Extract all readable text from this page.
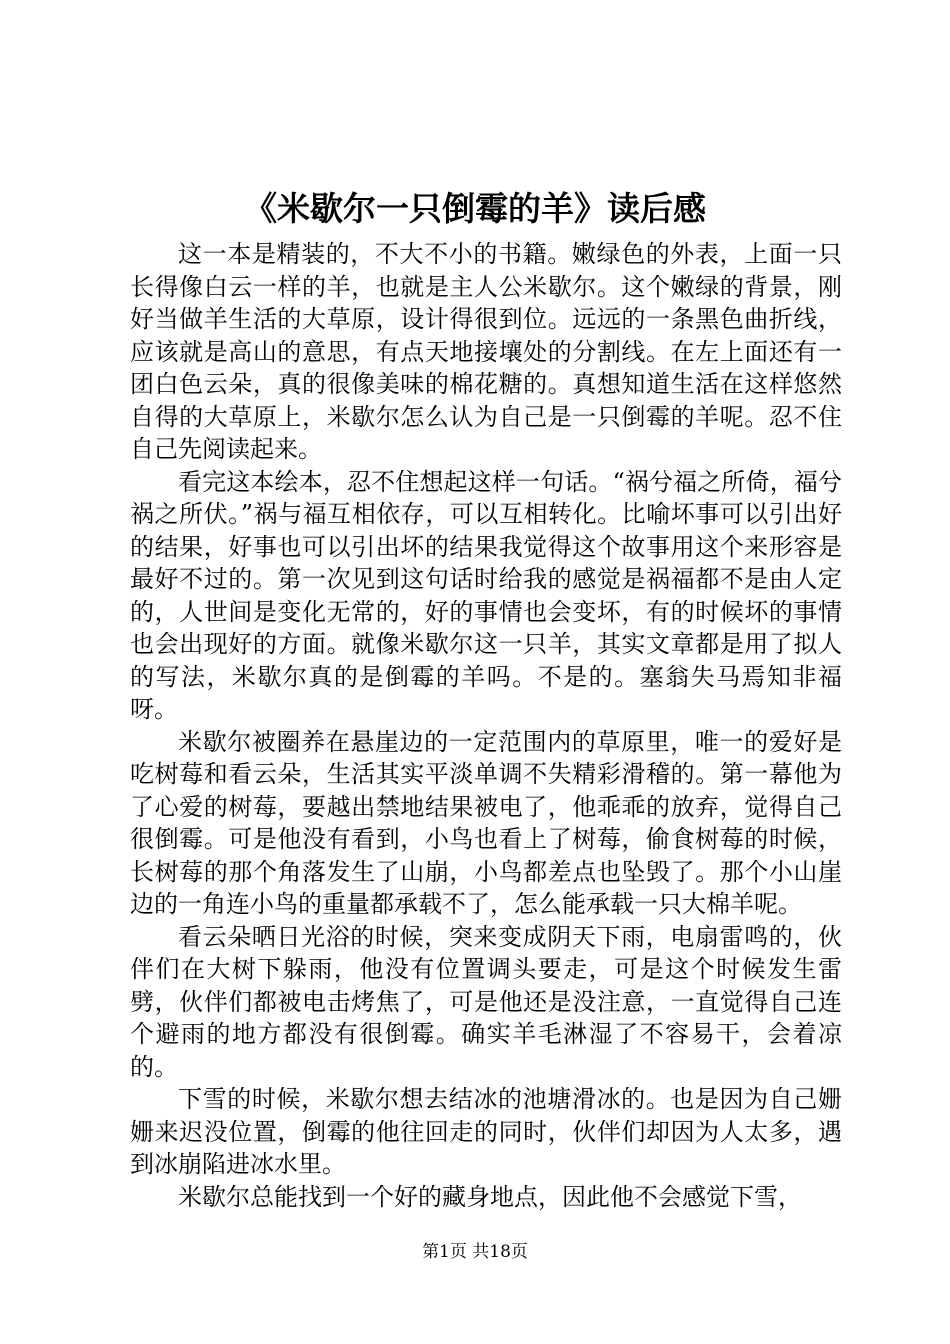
《米歇尔一只倒霉的羊》读后感

这一本是精装的，不大不小的书籍。嫩绿色的外表，上面一只长得像白云一样的羊，也就是主人公米歇尔。这个嫩绿的背景，刚好当做羊生活的大草原，设计得很到位。远远的一条黑色曲折线，应该就是高山的意思，有点天地接壤处的分割线。在左上面还有一团白色云朵，真的很像美味的棉花糖的。真想知道生活在这样悠然自得的大草原上，米歇尔怎么认为自己是一只倒霉的羊呢。忍不住自己先阅读起来。

看完这本绘本，忍不住想起这样一句话。“祸兮福之所倚，福兮祸之所伏。”祸与福互相依存，可以互相转化。比喻坏事可以引出好的结果，好事也可以引出坏的结果我觉得这个故事用这个来形容是最好不过的。第一次见到这句话时给我的感觉是祸福都不是由人定的，人世间是变化无常的，好的事情也会变坏，有的时候坏的事情也会出现好的方面。就像米歇尔这一只羊，其实文章都是用了拟人的写法，米歇尔真的是倒霉的羊吗。不是的。塞翁失马焉知非福呀。

米歇尔被圈养在悬崖边的一定范围内的草原里，唯一的爱好是吃树莓和看云朵，生活其实平淡单调不失精彩滑稽的。第一幕他为了心爱的树莓，要越出禁地结果被电了，他乖乖的放弃，觉得自己很倒霉。可是他没有看到，小鸟也看上了树莓，偷食树莓的时候，长树莓的那个角落发生了山崩，小鸟都差点也坠毁了。那个小山崖边的一角连小鸟的重量都承载不了，怎么能承载一只大棉羊呢。

看云朵晒日光浴的时候，突来变成阴天下雨，电扇雷鸣的，伙伴们在大树下躲雨，他没有位置调头要走，可是这个时候发生雷劈，伙伴们都被电击烤焦了，可是他还是没注意，一直觉得自己连个避雨的地方都没有很倒霉。确实羊毛淋湿了不容易干，会着凉的。

下雪的时候，米歇尔想去结冰的池塘滑冰的。也是因为自己姗姗来迟没位置，倒霉的他往回走的同时，伙伴们却因为人太多，遇到冰崩陷进冰水里。

米歇尔总能找到一个好的藏身地点，因此他不会感觉下雪，

第1页 共18页
